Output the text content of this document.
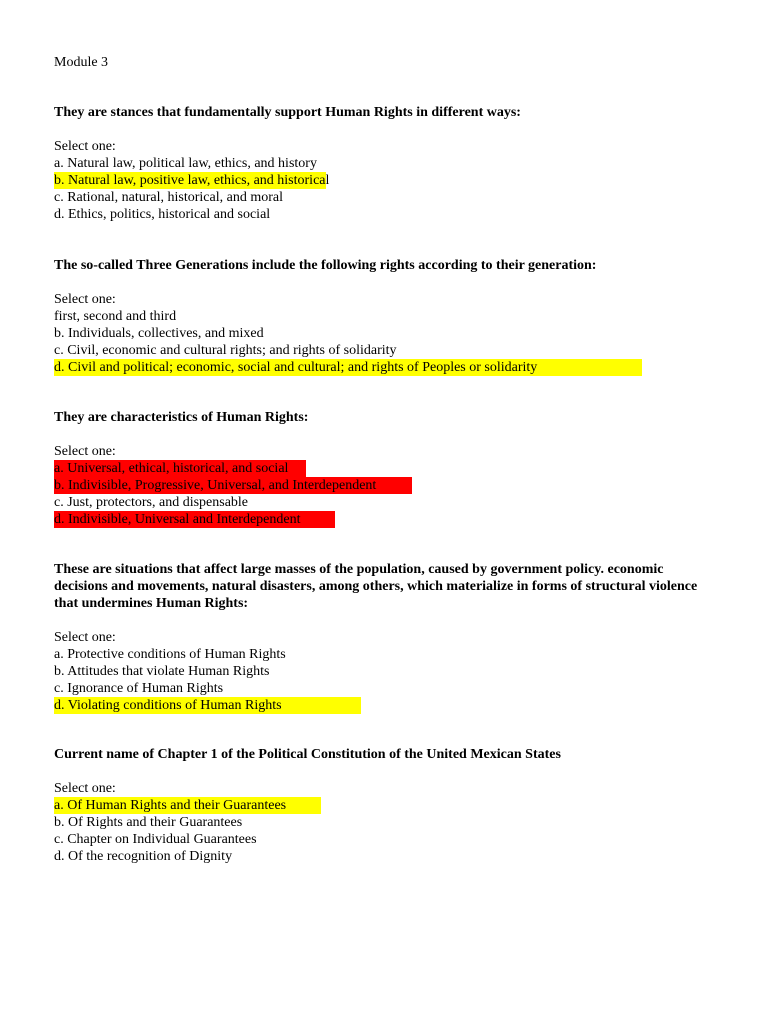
Module 3

They are stances that fundamentally support Human Rights in different ways:

Select one:

a. Natural law, political law, ethics, and history

b. Natural law, positive law, ethics, and historical

c. Rational, natural, historical, and moral

d. Ethics, politics, historical and social

The so-called Three Generations include the following rights according to their generation:

Select one:

first, second and third

b. Individuals, collectives, and mixed

c. Civil, economic and cultural rights; and rights of solidarity

d. Civil and political; economic, social and cultural; and rights of Peoples or solidarity

They are characteristics of Human Rights:

Select one:

a. Universal, ethical, historical, and social

b. Indivisible, Progressive, Universal, and Interdependent

c. Just, protectors, and dispensable

d. Indivisible, Universal and Interdependent

These are situations that affect large masses of the population, caused by government policy. economic decisions and movements, natural disasters, among others, which materialize in forms of structural violence that undermines Human Rights:

Select one:

a. Protective conditions of Human Rights

b. Attitudes that violate Human Rights

c. Ignorance of Human Rights

d. Violating conditions of Human Rights

Current name of Chapter 1 of the Political Constitution of the United Mexican States

Select one:

a. Of Human Rights and their Guarantees

b. Of Rights and their Guarantees

c. Chapter on Individual Guarantees

d. Of the recognition of Dignity
